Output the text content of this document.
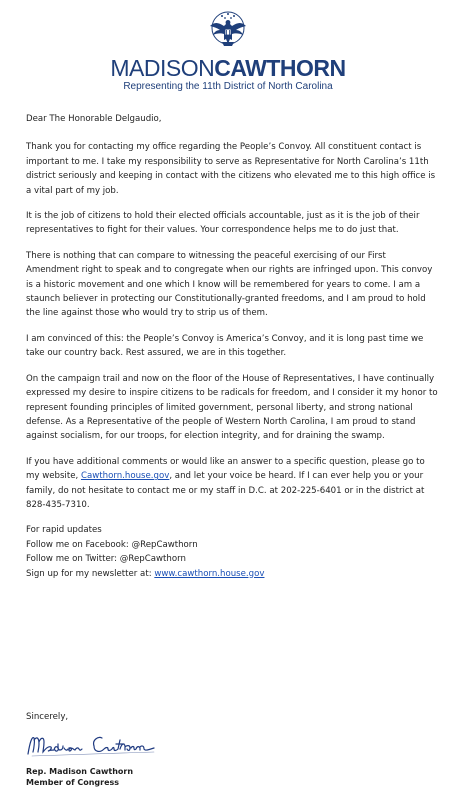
MADISONCAWTHORN
Representing the 11th District of North Carolina

Dear The Honorable Delgaudio,

Thank you for contacting my office regarding the People’s Convoy. All constituent contact is important to me. I take my responsibility to serve as Representative for North Carolina’s 11th district seriously and keeping in contact with the citizens who elevated me to this high office is a vital part of my job.

It is the job of citizens to hold their elected officials accountable, just as it is the job of their representatives to fight for their values. Your correspondence helps me to do just that.

There is nothing that can compare to witnessing the peaceful exercising of our First Amendment right to speak and to congregate when our rights are infringed upon. This convoy is a historic movement and one which I know will be remembered for years to come. I am a staunch believer in protecting our Constitutionally-granted freedoms, and I am proud to hold the line against those who would try to strip us of them.

I am convinced of this: the People’s Convoy is America’s Convoy, and it is long past time we take our country back. Rest assured, we are in this together.

On the campaign trail and now on the floor of the House of Representatives, I have continually expressed my desire to inspire citizens to be radicals for freedom, and I consider it my honor to represent founding principles of limited government, personal liberty, and strong national defense. As a Representative of the people of Western North Carolina, I am proud to stand against socialism, for our troops, for election integrity, and for draining the swamp.

If you have additional comments or would like an answer to a specific question, please go to my website, Cawthorn.house.gov, and let your voice be heard. If I can ever help you or your family, do not hesitate to contact me or my staff in D.C. at 202-225-6401 or in the district at 828-435-7310.

For rapid updates
Follow me on Facebook: @RepCawthorn
Follow me on Twitter: @RepCawthorn
Sign up for my newsletter at: www.cawthorn.house.gov
Sincerely,
Rep. Madison Cawthorn
Member of Congress
